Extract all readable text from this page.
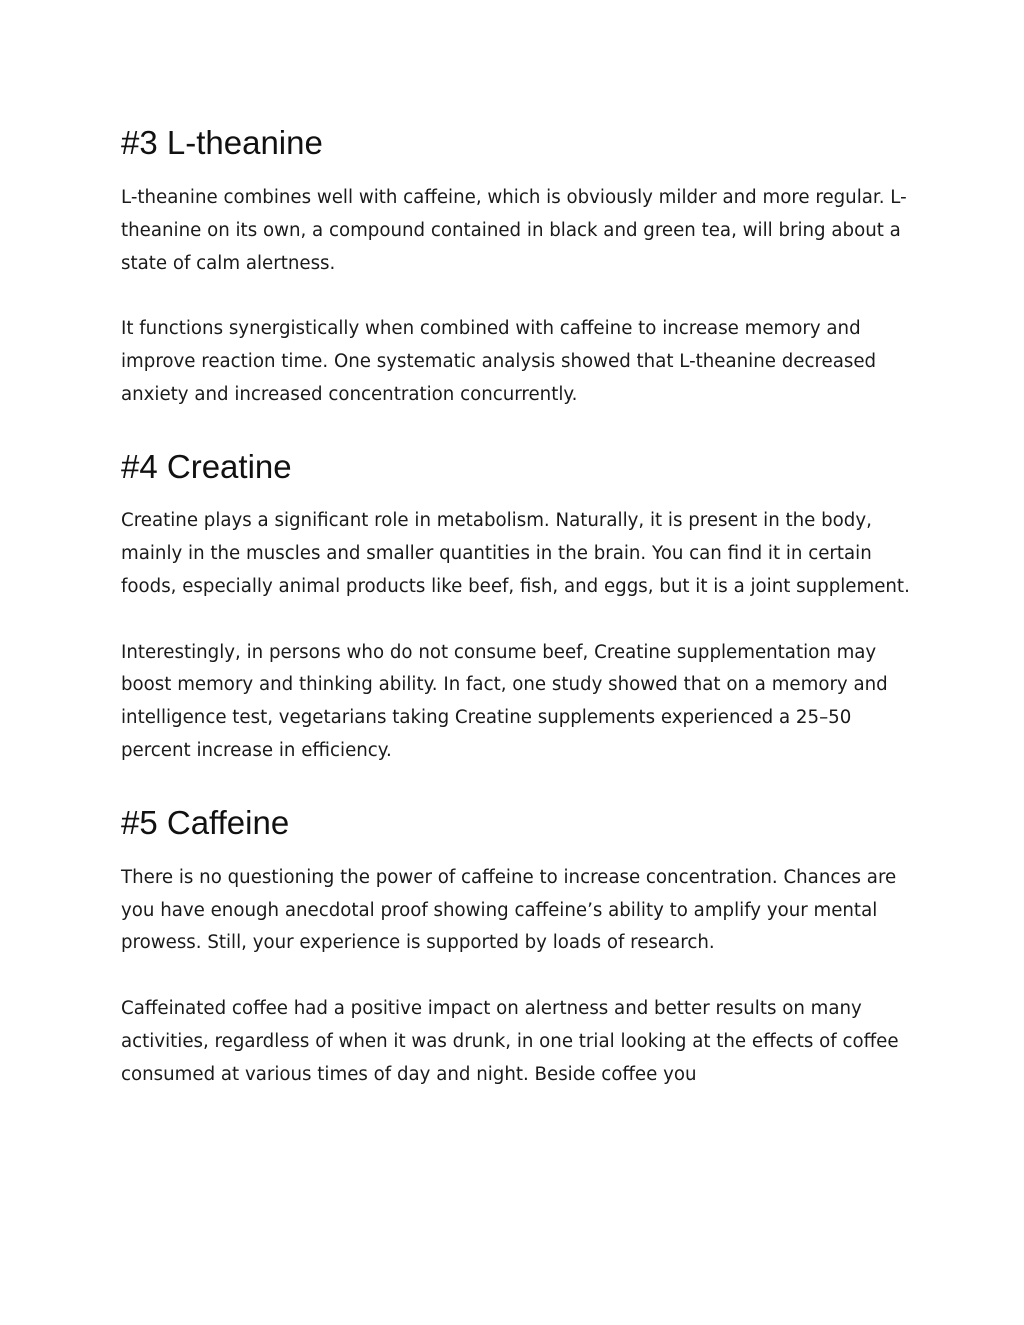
#3 L-theanine

L-theanine combines well with caffeine, which is obviously milder and more regular. L-theanine on its own, a compound contained in black and green tea, will bring about a state of calm alertness.

It functions synergistically when combined with caffeine to increase memory and improve reaction time. One systematic analysis showed that L-theanine decreased anxiety and increased concentration concurrently.

#4 Creatine

Creatine plays a significant role in metabolism. Naturally, it is present in the body, mainly in the muscles and smaller quantities in the brain. You can find it in certain foods, especially animal products like beef, fish, and eggs, but it is a joint supplement.

Interestingly, in persons who do not consume beef, Creatine supplementation may boost memory and thinking ability. In fact, one study showed that on a memory and intelligence test, vegetarians taking Creatine supplements experienced a 25–50 percent increase in efficiency.

#5 Caffeine

There is no questioning the power of caffeine to increase concentration. Chances are you have enough anecdotal proof showing caffeine’s ability to amplify your mental prowess. Still, your experience is supported by loads of research.

Caffeinated coffee had a positive impact on alertness and better results on many activities, regardless of when it was drunk, in one trial looking at the effects of coffee consumed at various times of day and night. Beside coffee you
